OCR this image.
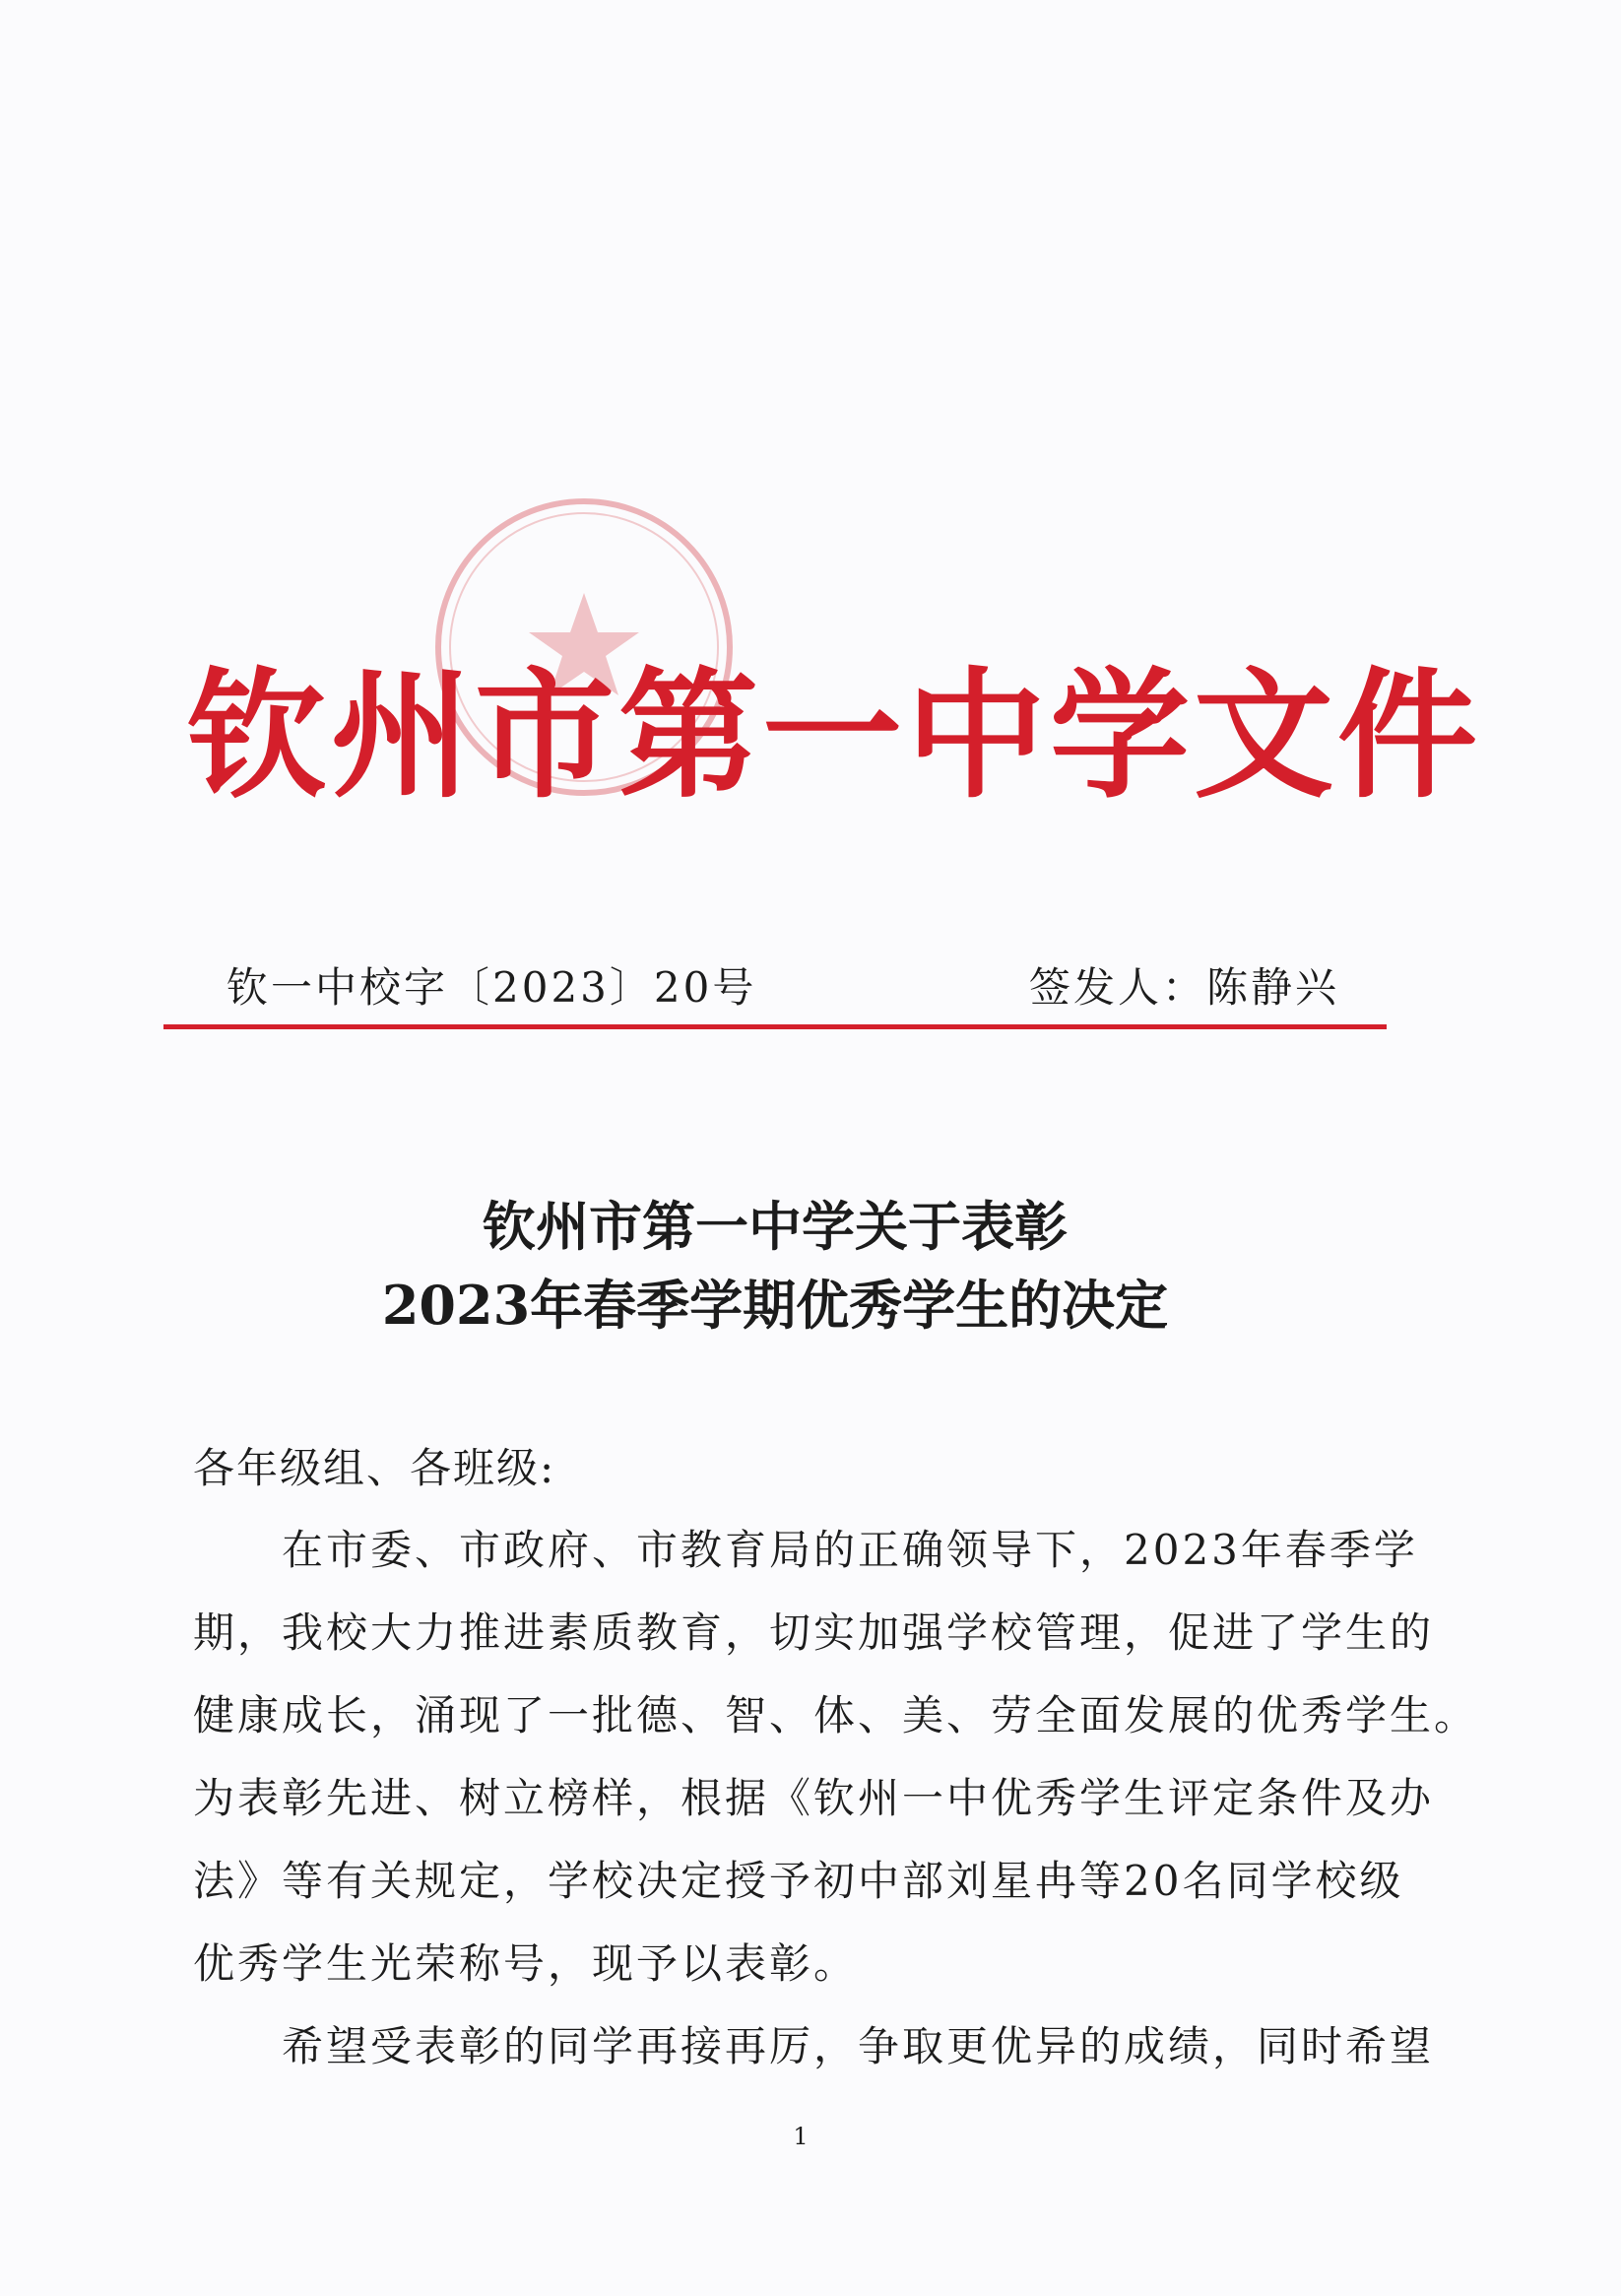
钦州市第一中学文件
钦一中校字〔2023〕20号	签发人：陈静兴
钦州市第一中学关于表彰
2023年春季学期优秀学生的决定
各年级组、各班级:
在市委、市政府、市教育局的正确领导下，2023年春季学
期，我校大力推进素质教育，切实加强学校管理，促进了学生的
健康成长，涌现了一批德、智、体、美、劳全面发展的优秀学生。
为表彰先进、树立榜样，根据《钦州一中优秀学生评定条件及办
法》等有关规定，学校决定授予初中部刘星冉等20名同学校级
优秀学生光荣称号，现予以表彰。
希望受表彰的同学再接再厉，争取更优异的成绩，同时希望
1
